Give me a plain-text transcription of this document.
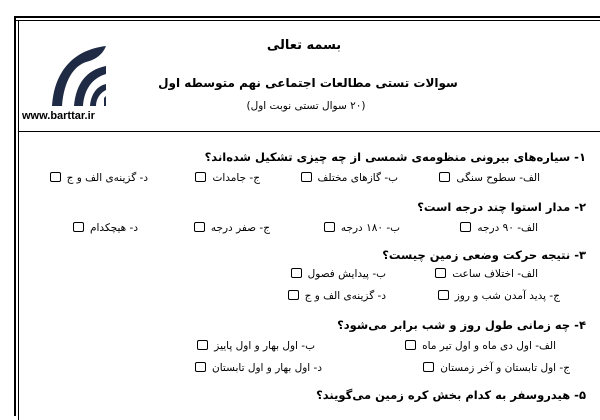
www.barttar.ir
بسمه تعالی
سوالات تستی مطالعات اجتماعی نهم متوسطه اول
(۲۰ سوال تستی نوبت اول)
۱- سیاره‌های بیرونی منظومه‌ی شمسی از چه چیزی تشکیل شده‌اند؟
الف- سطوح سنگی
ب- گازهای مختلف
ج- جامدات
د- گزینه‌ی الف و ج
۲- مدار استوا چند درجه است؟
الف- ۹۰ درجه
ب- ۱۸۰ درجه
ج- صفر درجه
د- هیچکدام
۳- نتیجه حرکت وضعی زمین چیست؟
الف- اختلاف ساعت
ب- پیدایش فصول
ج- پدید آمدن شب و روز
د- گزینه‌ی الف و ج
۴- چه زمانی طول روز و شب برابر می‌شود؟
الف- اول دی ماه و اول تیر ماه
ب- اول بهار و اول پاییز
ج- اول تابستان و آخر زمستان
د- اول بهار و اول تابستان
۵- هیدروسفر به کدام بخش کره زمین می‌گویند؟
